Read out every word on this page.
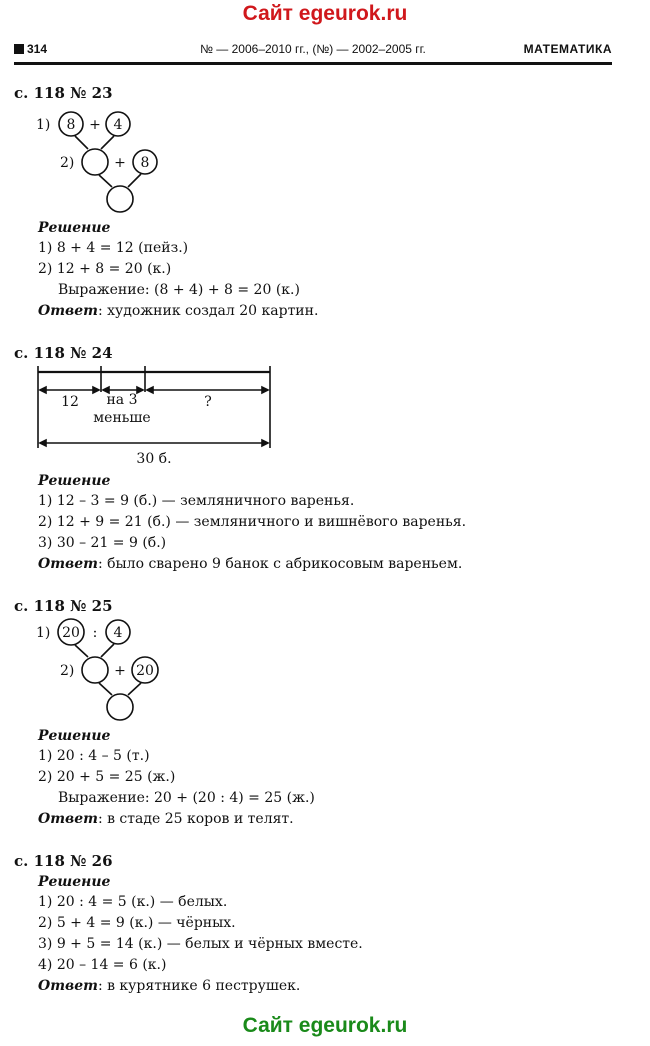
Сайт egeurok.ru
314	№ — 2006–2010 гг., (№) — 2002–2005 гг.	МАТЕМАТИКА
с. 118 № 23
1) 8 + 4
2)	+ 8
Решение
1) 8 + 4 = 12 (пейз.)
2) 12 + 8 = 20 (к.)
Выражение: (8 + 4) + 8 = 20 (к.)
Ответ: художник создал 20 картин.
с. 118 № 24
12 на 3
меньше
?
30 б.
Решение
1) 12 – 3 = 9 (б.) — земляничного варенья.
2) 12 + 9 = 21 (б.) — земляничного и вишнёвого варенья.
3) 30 – 21 = 9 (б.)
Ответ: было сварено 9 банок с абрикосовым вареньем.
с. 118 № 25
1) 20 : 4
2)	+ 20
Решение
1) 20 : 4 – 5 (т.)
2) 20 + 5 = 25 (ж.)
Выражение: 20 + (20 : 4) = 25 (ж.)
Ответ: в стаде 25 коров и телят.
с. 118 № 26
Решение
1) 20 : 4 = 5 (к.) — белых.
2) 5 + 4 = 9 (к.) — чёрных.
3) 9 + 5 = 14 (к.) — белых и чёрных вместе.
4) 20 – 14 = 6 (к.)
Ответ: в курятнике 6 пеструшек.
Сайт egeurok.ru
